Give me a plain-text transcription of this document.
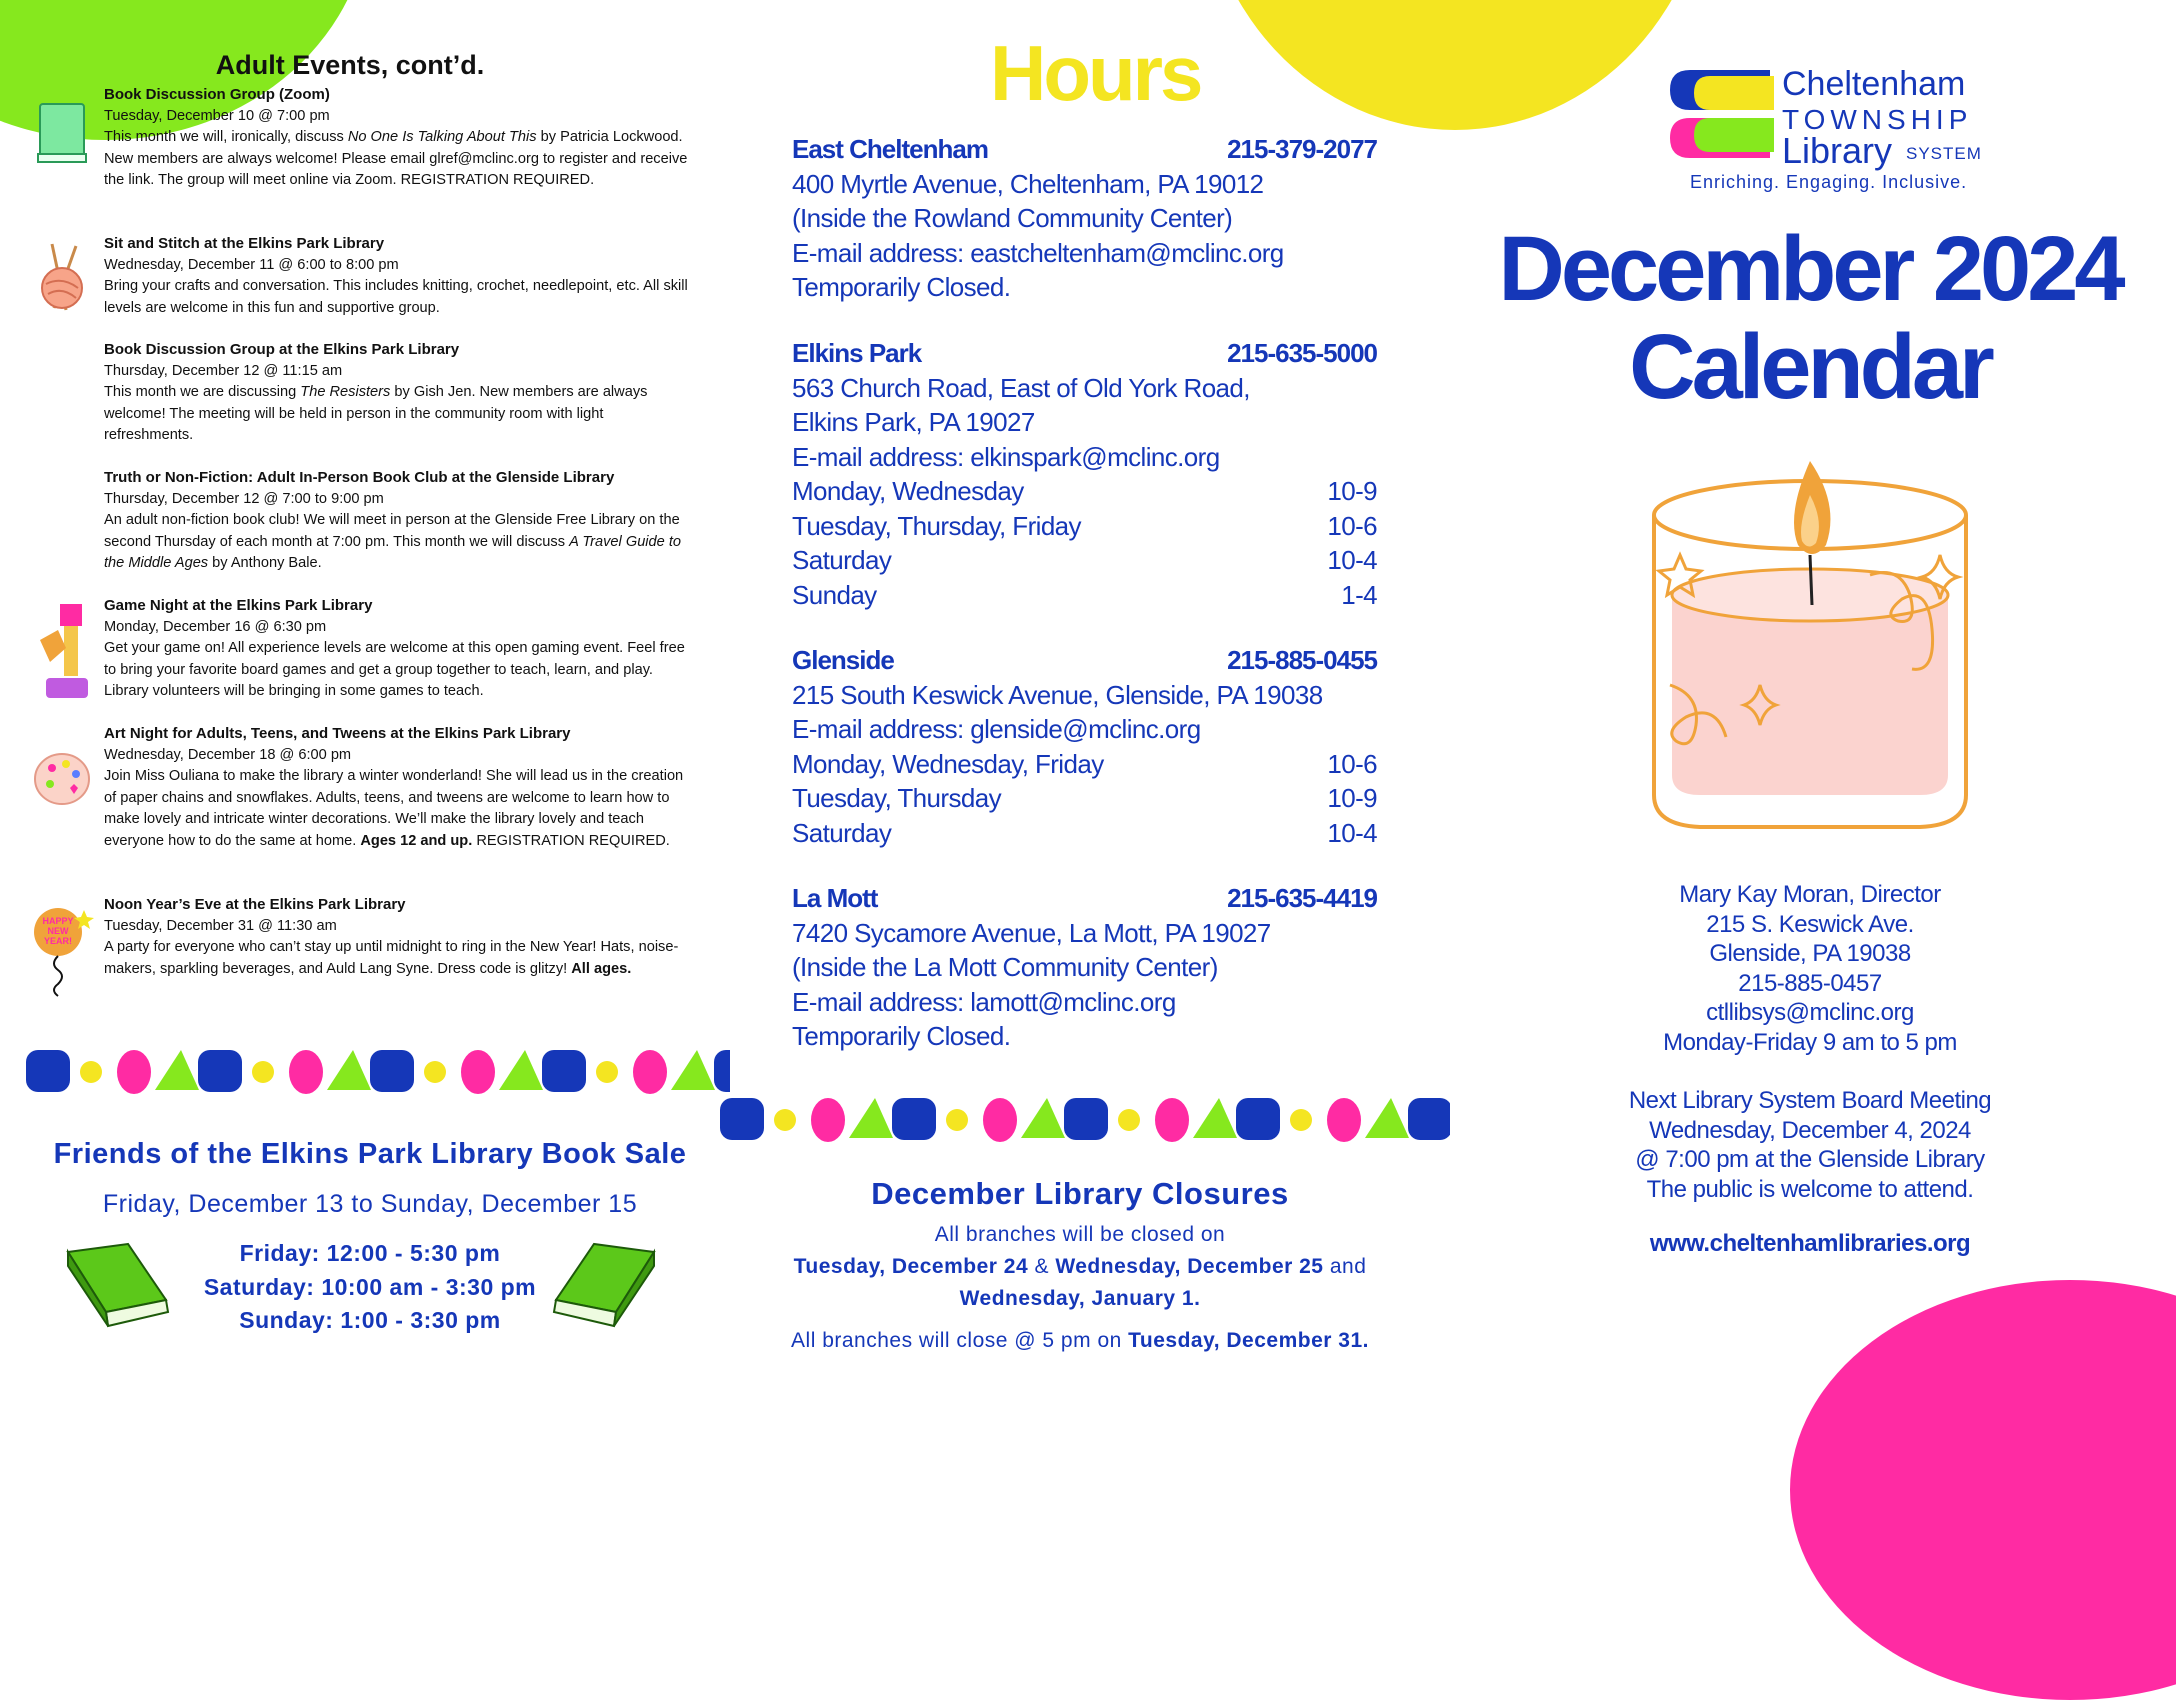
Adult Events, cont’d.
Book Discussion Group (Zoom)
Tuesday, December 10 @ 7:00 pm
This month we will, ironically, discuss No One Is Talking About This by Patricia Lockwood. New members are always welcome! Please email glref@mclinc.org to register and receive the link. The group will meet online via Zoom. REGISTRATION REQUIRED.
Sit and Stitch at the Elkins Park Library
Wednesday, December 11 @ 6:00 to 8:00 pm
Bring your crafts and conversation. This includes knitting, crochet, needlepoint, etc. All skill levels are welcome in this fun and supportive group.
Book Discussion Group at the Elkins Park Library
Thursday, December 12 @ 11:15 am
This month we are discussing The Resisters by Gish Jen. New members are always welcome! The meeting will be held in person in the community room with light refreshments.
Truth or Non-Fiction: Adult In-Person Book Club at the Glenside Library
Thursday, December 12 @ 7:00 to 9:00 pm
An adult non-fiction book club! We will meet in person at the Glenside Free Library on the second Thursday of each month at 7:00 pm. This month we will discuss A Travel Guide to the Middle Ages by Anthony Bale.
Game Night at the Elkins Park Library
Monday, December 16 @ 6:30 pm
Get your game on! All experience levels are welcome at this open gaming event. Feel free to bring your favorite board games and get a group together to teach, learn, and play. Library volunteers will be bringing in some games to teach.
Art Night for Adults, Teens, and Tweens at the Elkins Park Library
Wednesday, December 18 @ 6:00 pm
Join Miss Ouliana to make the library a winter wonderland! She will lead us in the creation of paper chains and snowflakes. Adults, teens, and tweens are welcome to learn how to make lovely and intricate winter decorations. We’ll make the library lovely and teach everyone how to do the same at home. Ages 12 and up. REGISTRATION REQUIRED.
Noon Year’s Eve at the Elkins Park Library
Tuesday, December 31 @ 11:30 am
A party for everyone who can’t stay up until midnight to ring in the New Year! Hats, noise-makers, sparkling beverages, and Auld Lang Syne. Dress code is glitzy! All ages.
HAPPY
NEW
YEAR!
Hours
East Cheltenham	215-379-2077
400 Myrtle Avenue, Cheltenham, PA 19012
(Inside the Rowland Community Center)
E-mail address: eastcheltenham@mclinc.org
Temporarily Closed.
Elkins Park	215-635-5000
563 Church Road, East of Old York Road,
Elkins Park, PA 19027
E-mail address: elkinspark@mclinc.org
Monday, Wednesday	10-9
Tuesday, Thursday, Friday	10-6
Saturday	10-4
Sunday	1-4
Glenside	215-885-0455
215 South Keswick Avenue, Glenside, PA 19038
E-mail address: glenside@mclinc.org
Monday, Wednesday, Friday	10-6
Tuesday, Thursday	10-9
Saturday	10-4
La Mott	215-635-4419
7420 Sycamore Avenue, La Mott, PA 19027
(Inside the La Mott Community Center)
E-mail address: lamott@mclinc.org
Temporarily Closed.
Cheltenham
TOWNSHIP
Library SYSTEM
Enriching. Engaging. Inclusive.
December 2024
Calendar
Mary Kay Moran, Director
215 S. Keswick Ave.
Glenside, PA 19038
215-885-0457
ctllibsys@mclinc.org
Monday-Friday 9 am to 5 pm
Next Library System Board Meeting
Wednesday, December 4, 2024
@ 7:00 pm at the Glenside Library
The public is welcome to attend.
www.cheltenhamlibraries.org
Friends of the Elkins Park Library Book Sale
Friday, December 13 to Sunday, December 15
Friday: 12:00 - 5:30 pm
Saturday: 10:00 am - 3:30 pm
Sunday: 1:00 - 3:30 pm
December Library Closures
All branches will be closed on
Tuesday, December 24 & Wednesday, December 25 and
Wednesday, January 1.
All branches will close @ 5 pm on Tuesday, December 31.
